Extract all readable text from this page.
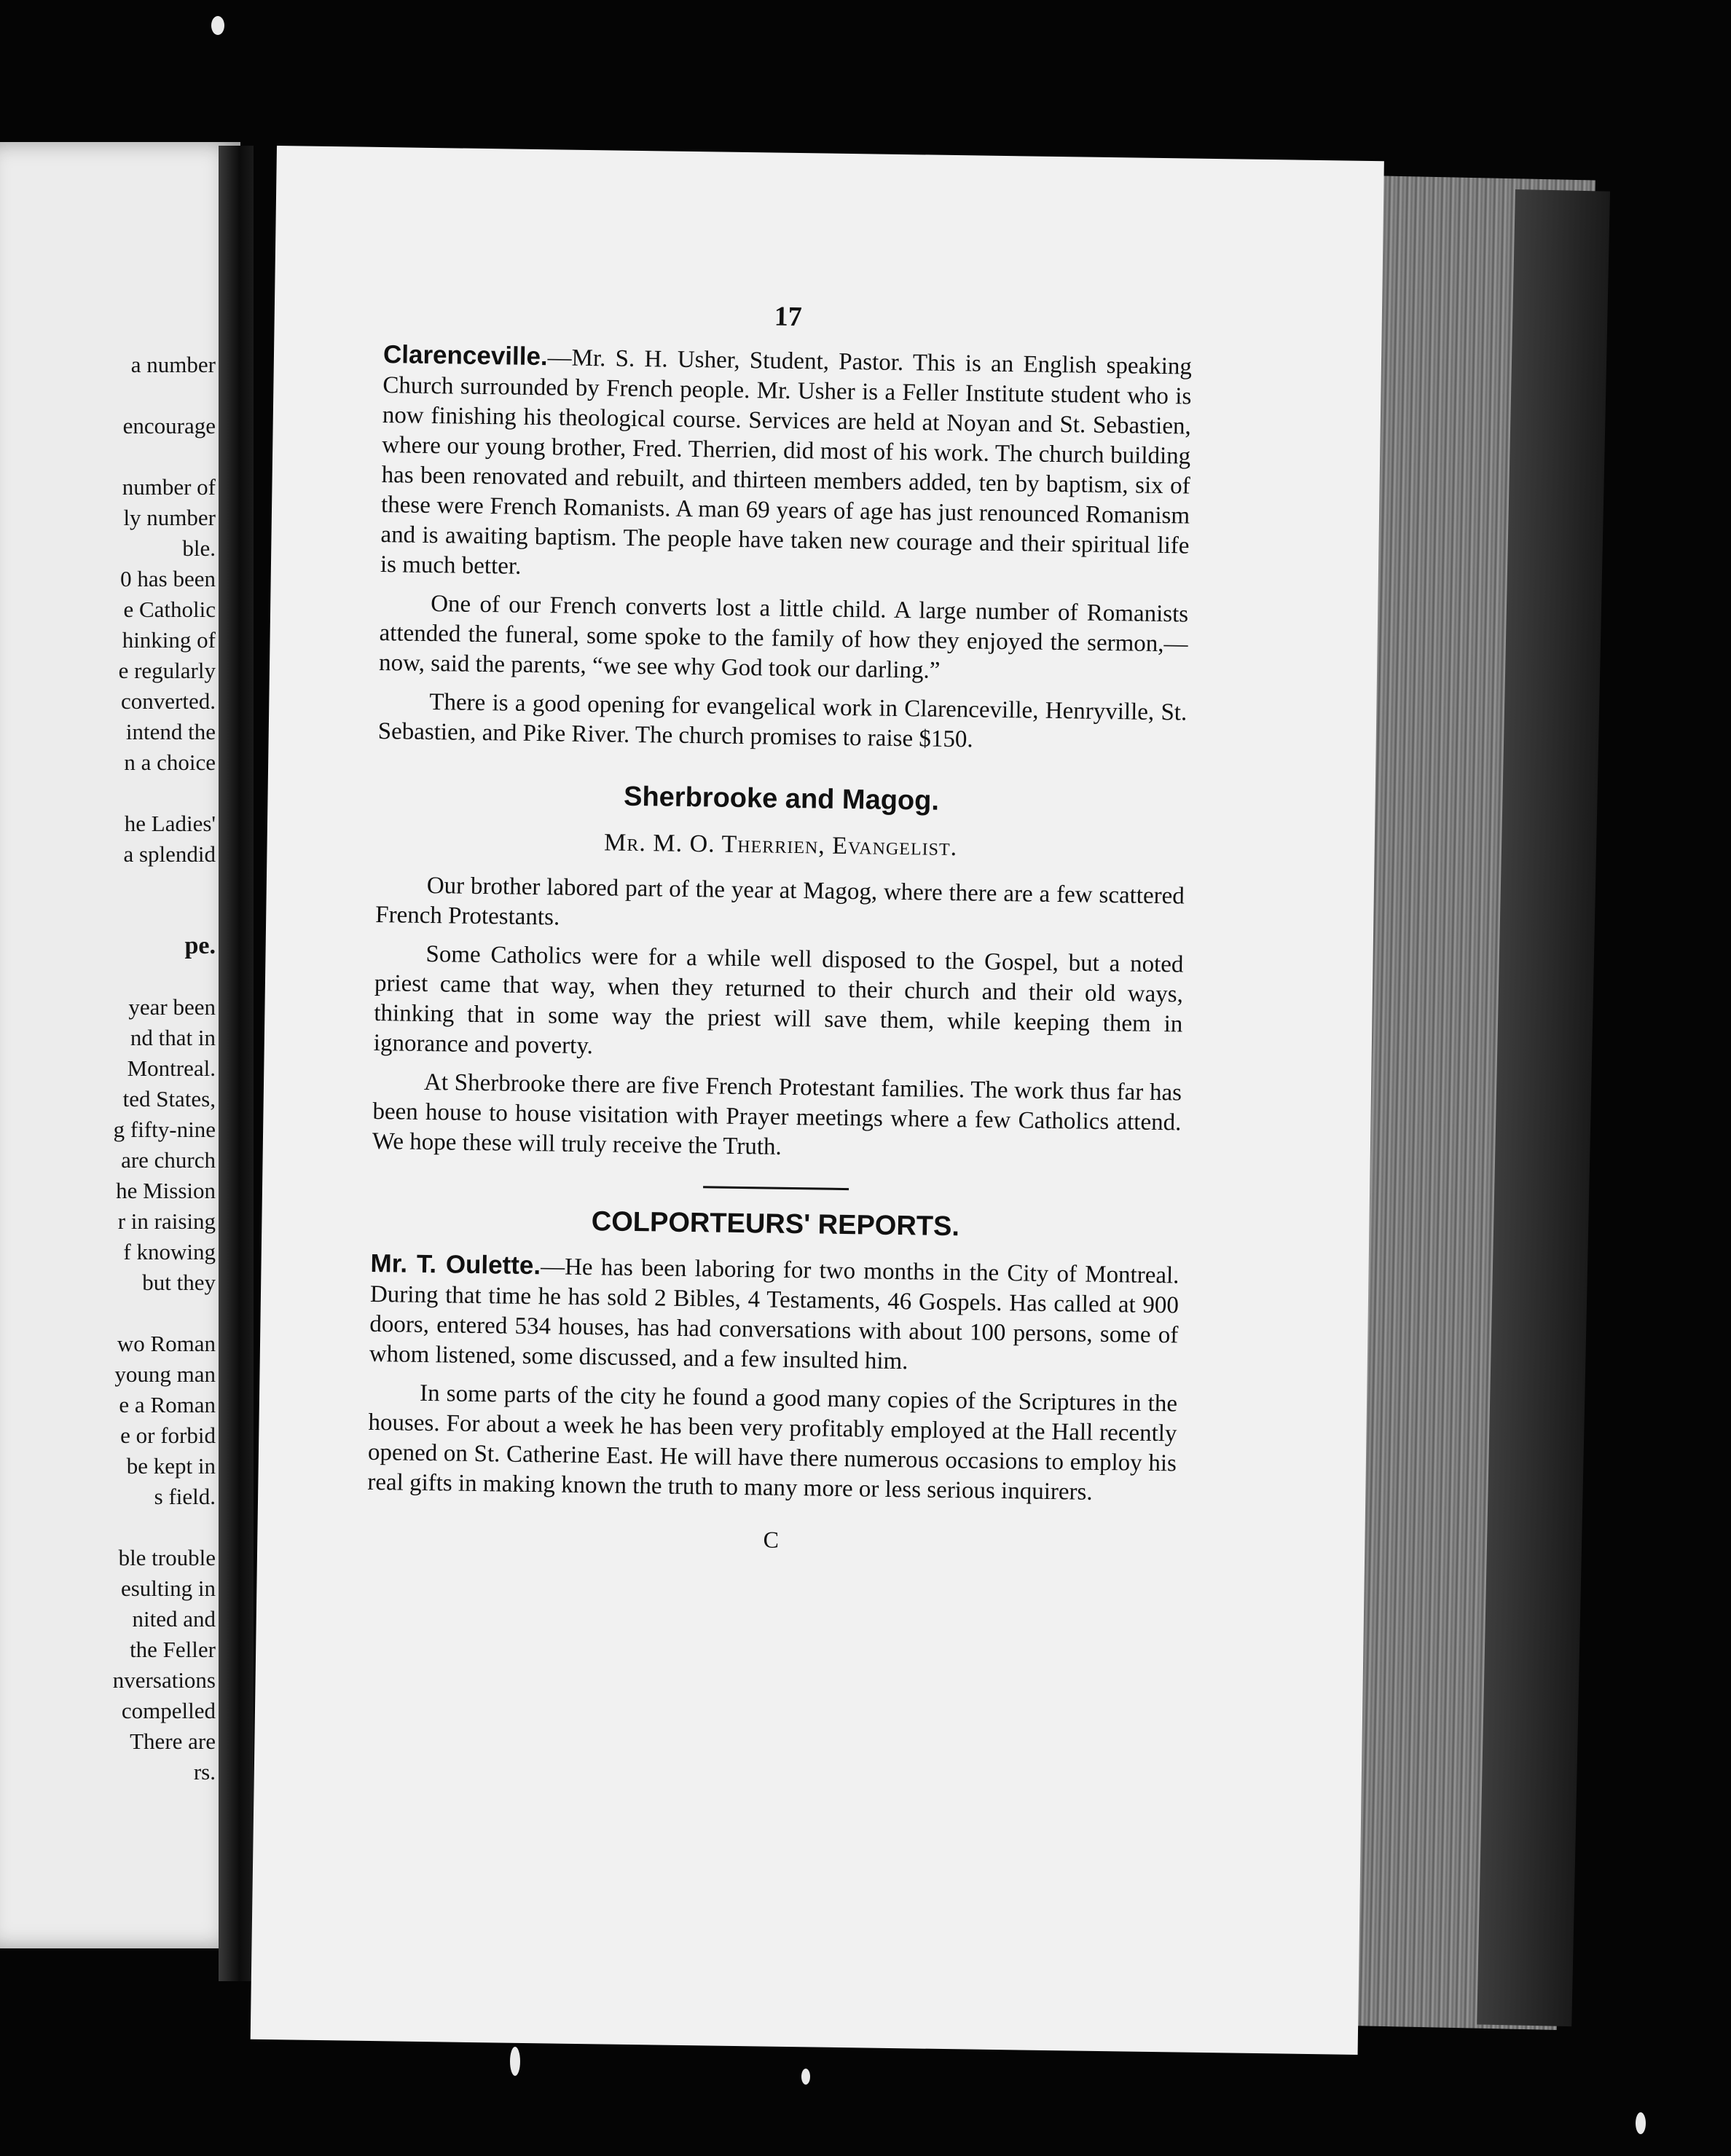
a number
encourage
number of
ly number
ble.
0 has been
e Catholic
hinking of
e regularly
converted.
intend the
n a choice
he Ladies'
a splendid
pe.
year been
nd that in
Montreal.
ted States,
g fifty-nine
are church
he Mission
r in raising
f knowing
but they
wo Roman
young man
e a Roman
e or forbid
be kept in
s field.
ble trouble
esulting in
nited and
the Feller
nversations
compelled
There are
rs.
17

Clarenceville.—Mr. S. H. Usher, Student, Pastor. This is an English speaking Church surrounded by French people. Mr. Usher is a Feller Institute student who is now finishing his theological course. Services are held at Noyan and St. Sebastien, where our young brother, Fred. Therrien, did most of his work. The church building has been renovated and rebuilt, and thirteen members added, ten by baptism, six of these were French Romanists. A man 69 years of age has just renounced Romanism and is awaiting baptism. The people have taken new courage and their spiritual life is much better.

One of our French converts lost a little child. A large number of Romanists attended the funeral, some spoke to the family of how they enjoyed the sermon,—now, said the parents, “we see why God took our darling.”

There is a good opening for evangelical work in Clarenceville, Henryville, St. Sebastien, and Pike River. The church promises to raise $150.

Sherbrooke and Magog.
Mr. M. O. Therrien, Evangelist.

Our brother labored part of the year at Magog, where there are a few scattered French Protestants.

Some Catholics were for a while well disposed to the Gospel, but a noted priest came that way, when they returned to their church and their old ways, thinking that in some way the priest will save them, while keeping them in ignorance and poverty.

At Sherbrooke there are five French Protestant families. The work thus far has been house to house visitation with Prayer meetings where a few Catholics attend. We hope these will truly receive the Truth.

COLPORTEURS' REPORTS.

Mr. T. Oulette.—He has been laboring for two months in the City of Montreal. During that time he has sold 2 Bibles, 4 Testaments, 46 Gospels. Has called at 900 doors, entered 534 houses, has had conversations with about 100 persons, some of whom listened, some discussed, and a few insulted him.

In some parts of the city he found a good many copies of the Scriptures in the houses. For about a week he has been very profitably employed at the Hall recently opened on St. Catherine East. He will have there numerous occasions to employ his real gifts in making known the truth to many more or less serious inquirers.

C
